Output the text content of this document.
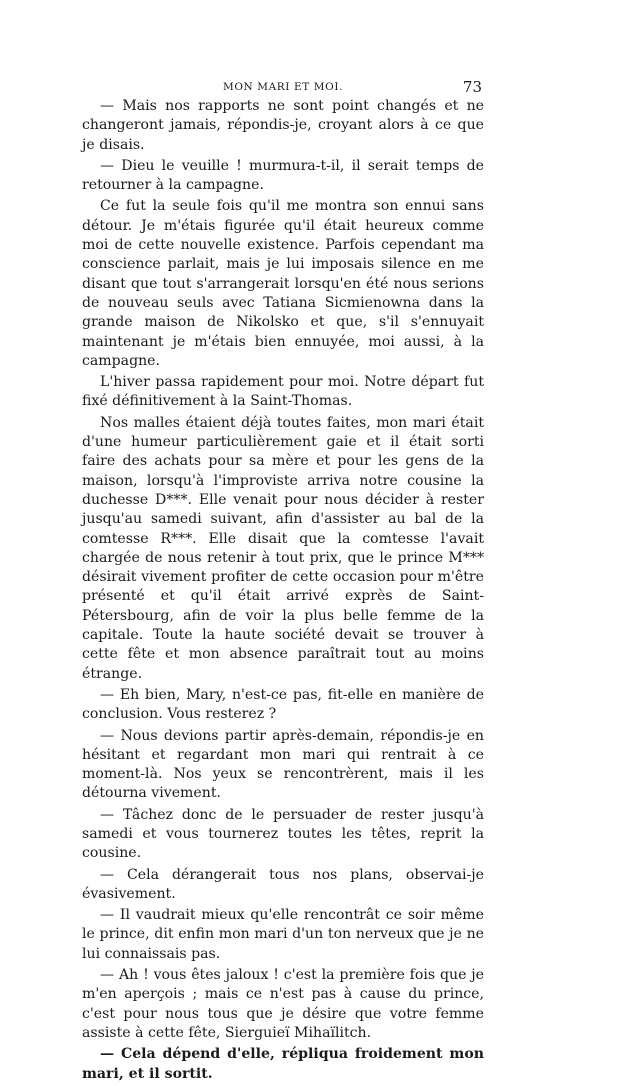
MON MARI ET MOI.	73

— Mais nos rapports ne sont point changés et ne changeront jamais, répondis-je, croyant alors à ce que je disais.

— Dieu le veuille ! murmura-t-il, il serait temps de retourner à la campagne.

Ce fut la seule fois qu'il me montra son ennui sans détour. Je m'étais figurée qu'il était heureux comme moi de cette nouvelle existence. Parfois cependant ma conscience parlait, mais je lui imposais silence en me disant que tout s'arrangerait lorsqu'en été nous serions de nouveau seuls avec Tatiana Sicmienowna dans la grande maison de Nikolsko et que, s'il s'ennuyait maintenant je m'étais bien ennuyée, moi aussi, à la campagne.

L'hiver passa rapidement pour moi. Notre départ fut fixé définitivement à la Saint-Thomas.

Nos malles étaient déjà toutes faites, mon mari était d'une humeur particulièrement gaie et il était sorti faire des achats pour sa mère et pour les gens de la maison, lorsqu'à l'improviste arriva notre cousine la duchesse D***. Elle venait pour nous décider à rester jusqu'au samedi suivant, afin d'assister au bal de la comtesse R***. Elle disait que la comtesse l'avait chargée de nous retenir à tout prix, que le prince M*** désirait vivement profiter de cette occasion pour m'être présenté et qu'il était arrivé exprès de Saint-Pétersbourg, afin de voir la plus belle femme de la capitale. Toute la haute société devait se trouver à cette fête et mon absence paraîtrait tout au moins étrange.

— Eh bien, Mary, n'est-ce pas, fit-elle en manière de conclusion. Vous resterez ?

— Nous devions partir après-demain, répondis-je en hésitant et regardant mon mari qui rentrait à ce moment-là. Nos yeux se rencontrèrent, mais il les détourna vivement.

— Tâchez donc de le persuader de rester jusqu'à samedi et vous tournerez toutes les têtes, reprit la cousine.

— Cela dérangerait tous nos plans, observai-je évasivement.

— Il vaudrait mieux qu'elle rencontrât ce soir même le prince, dit enfin mon mari d'un ton nerveux que je ne lui connaissais pas.

— Ah ! vous êtes jaloux ! c'est la première fois que je m'en aperçois ; mais ce n'est pas à cause du prince, c'est pour nous tous que je désire que votre femme assiste à cette fête, Sierguieï Mihaïlitch.

— Cela dépend d'elle, répliqua froidement mon mari, et il sortit.
